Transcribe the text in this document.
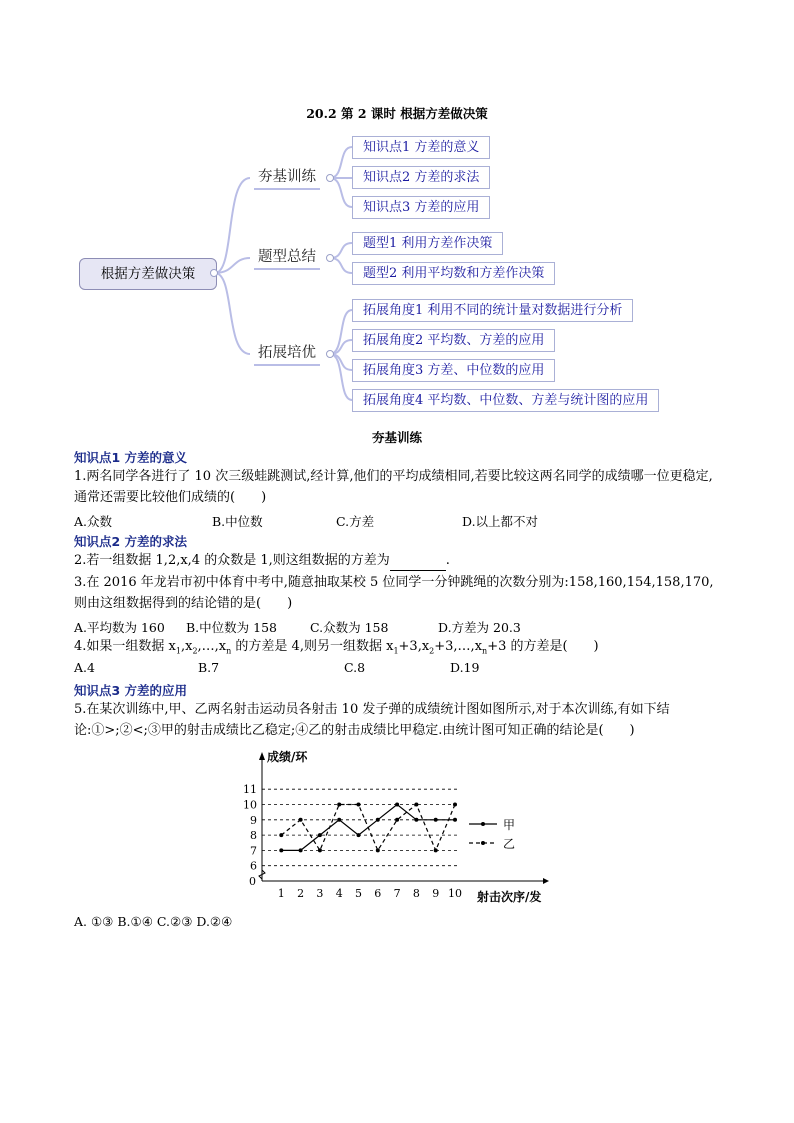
20.2 第 2 课时 根据方差做决策
根据方差做决策
夯基训练
题型总结
拓展培优
知识点1 方差的意义
知识点2 方差的求法
知识点3 方差的应用
题型1 利用方差作决策
题型2 利用平均数和方差作决策
拓展角度1 利用不同的统计量对数据进行分析
拓展角度2 平均数、方差的应用
拓展角度3 方差、中位数的应用
拓展角度4 平均数、中位数、方差与统计图的应用
夯基训练
知识点1 方差的意义
1.两名同学各进行了 10 次三级蛙跳测试,经计算,他们的平均成绩相同,若要比较这两名同学的成绩哪一位更稳定,通常还需要比较他们成绩的(　　)
A.众数	B.中位数	C.方差	D.以上都不对
知识点2 方差的求法
2.若一组数据 1,2,x,4 的众数是 1,则这组数据的方差为	.
3.在 2016 年龙岩市初中体育中考中,随意抽取某校 5 位同学一分钟跳绳的次数分别为:158,160,154,158,170,则由这组数据得到的结论错的是(　　)
A.平均数为 160 B.中位数为 158	C.众数为 158	D.方差为 20.3
4.如果一组数据 $x_1,x_2,\dots,x_n$ 的方差是 4,则另一组数据 $x_1+3,x_2+3,\dots,x_n+3$ 的方差是(　　)
A.4	B.7	C.8	D.19
知识点3 方差的应用
5.在某次训练中,甲、乙两名射击运动员各射击 10 发子弹的成绩统计图如图所示,对于本次训练,有如下结论:①>;②<;③甲的射击成绩比乙稳定;④乙的射击成绩比甲稳定.由统计图可知正确的结论是(　　)
6
7
8
9
10
11
0
1 2 3 4 5 6 7 8 9 10
成绩/环
射击次序/发
甲
乙
A. ①③ B.①④ C.②③ D.②④
